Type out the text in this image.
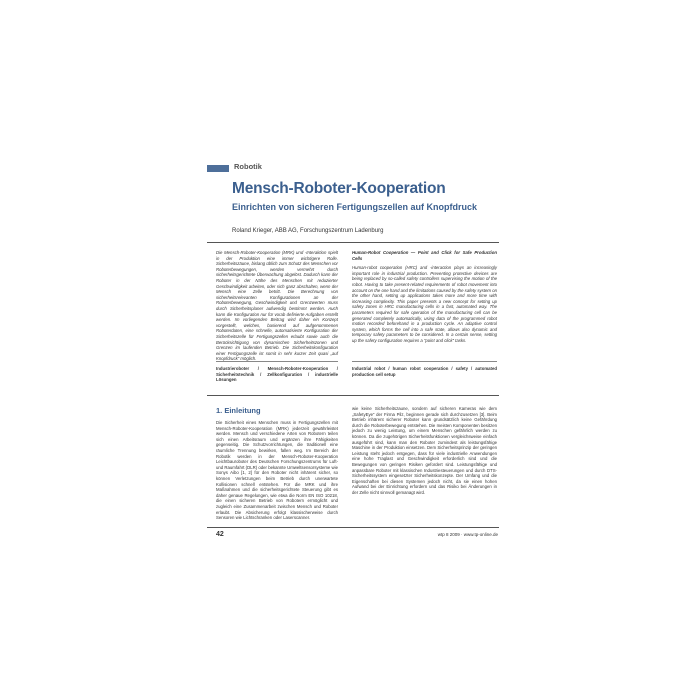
Robotik
Mensch-Roboter-Kooperation
Einrichten von sicheren Fertigungszellen auf Knopfdruck
Roland Krieger, ABB AG, Forschungszentrum Ladenburg

Die Mensch-Roboter-Kooperation (MRK) und -Interaktion spielt in der Produktion eine immer wichtigere Rolle. Sicherheitszäune, bislang üblich zum Schutz des Menschen vor Roboterbewegungen, werden vermehrt durch sicherheitsgerichtete Überwachung abgelöst. Dadurch kann der Roboter in der Nähe des Menschen mit reduzierter Geschwindigkeit arbeiten, oder sich ganz abschalten, wenn der Mensch eine Zelle betritt. Die Berechnung von sicherheitsrelevanten Konfigurationen an der Roboterbewegung, Geschwindigkeit und Grenzwerten muss durch Sicherheitsplaner aufwendig bestimmt werden. Auch kann die Konfiguration nur für vorab definierte Aufgaben erstellt werden. Im vorliegenden Beitrag wird daher ein Konzept vorgestellt, welches, basierend auf aufgenommenen Roboterdaten, eine schnelle, automatisierte Konfiguration der Sicherheitszelle für Fertigungszellen erlaubt sowie auch die Berücksichtigung von dynamischen Sicherheitszonen und Grenzen im laufenden Betrieb. Die Sicherheitskonfiguration einer Fertigungszelle ist somit in sehr kurzer Zeit quasi „auf Knopfdruck“ möglich.

Human-Robot Cooperation — Point and Click for Safe Production Cells

Human-robot cooperation (HRC) and -interaction plays an increasingly important role in industrial production. Preventing protective devices are being replaced by so-called safety controllers supervising the motion of the robot. Having to take present-related requirements of robot movement into account on the one hand and the limitations caused by the safety system on the other hand, setting up applications takes more and more time with increasing complexity. This paper presents a new concept for setting up safety zones in HRC manufacturing cells in a fast, automated way. The parameters required for safe operation of the manufacturing cell can be generated completely automatically, using data of the programmed robot motion recorded beforehand in a production cycle. An adaptive control system, which forms the cell into a safe state, allows also dynamic and temporary safety parameters to be considered. In a certain sense, setting up the safety configuration requires a “point and click” tasks.

Industrieroboter / Mensch-Roboter-Kooperation / Sicherheitstechnik / Zellkonfiguration / industrielle Lösungen
Industrial robot / human robot cooperation / safety / automated production cell setup
1. Einleitung

Die Sicherheit eines Menschen muss in Fertigungszellen mit Mensch-Roboter-Kooperation (MRK) jederzeit gewährleistet werden. Mensch und verschiedene Arten von Robotern teilen sich einen Arbeitsraum und ergänzen ihre Fähigkeiten gegenseitig. Die Schutzvorrichtungen, die traditionell eine räumliche Trennung bewirken, fallen weg. Im Bereich der Robotik werden in der Mensch-Roboter-Kooperation Leichtbauroboter des Deutschen Forschungszentrums für Luft- und Raumfahrt (DLR) oder bekannte Umweltsensorsysteme wie Sonys Aibo [1, 2] für den Roboter nicht inhärent sicher, so können Verletzungen beim Betrieb durch unerwartete Kollisionen schnell entstehen. Für die MRK und ihre Maßnahmen und die sicherheitsgerichtete Steuerung gibt es daher genaue Regelungen, wie etwa die Norm EN ISO 10218, die einen sicheren Betrieb von Robotern ermöglicht und zugleich eine Zusammenarbeit zwischen Mensch und Roboter erlaubt. Die Absicherung erfolgt klassischerweise durch Sensoren wie Lichtschranken oder Laserscanner.

wie keine Sicherheitszaune, sondern auf sicheren Kameras wie dem „SafetyEye“ der Firma Pilz, beginnen gerade sich durchzusetzen [3]. Beim Betrieb inhärent sicherer Roboter kann grundsätzlich keine Gefährdung durch die Roboterbewegung entstehen. Die meisten Komponenten besitzen jedoch zu wenig Leistung, um einem Menschen gefährlich werden zu können. Da die zugehörigen Sicherheitsfunktionen vergleichsweise einfach ausgeführt sind, kann man den Roboter zumindest als leistungsfähige Maschine in der Produktion einsetzen. Dem Sicherheitsprinzip der geringen Leistung steht jedoch entgegen, dass für viele industrielle Anwendungen eine hohe Traglast und Geschwindigkeit erforderlich sind und die Bewegungen von geringen Risiken gefordert sind. Leistungsfähige und anpassbare Roboter mit klassischen Industriesteuerungen und durch DTS-Sicherheitssystem eingesetzter Sicherheitskonzepte. Der Umfang und die Eigenschaften bei diesen Systemen jedoch nicht, da sie einen hohen Aufwand bei der Einrichtung erfordern und das Risiko bei Änderungen in der Zelle nicht sinnvoll gemanagt wird.

42	wtp 8 2009 · www.tp-online.de
